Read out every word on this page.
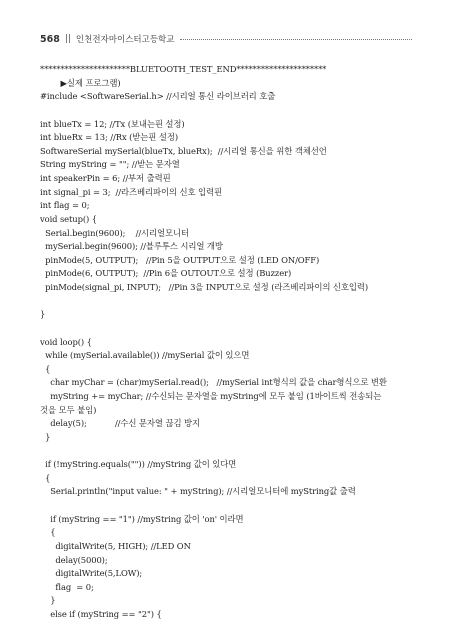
568 || 인천전자마이스터고등학교
**********************BLUETOOTH_TEST_END**********************
▶실제 프로그램)
#include <SoftwareSerial.h> //시리얼 통신 라이브러리 호출
int blueTx = 12; //Tx (보내는핀 설정)
int blueRx = 13; //Rx (받는핀 설정)
SoftwareSerial mySerial(blueTx, blueRx);  //시리얼 통신을 위한 객체선언
String myString = ""; //받는 문자열
int speakerPin = 6; //부저 출력핀
int signal_pi = 3;  //라즈베리파이의 신호 입력핀
int flag = 0;
void setup() {
Serial.begin(9600);    //시리얼모니터
mySerial.begin(9600); //블루투스 시리얼 개방
pinMode(5, OUTPUT);   //Pin 5을 OUTPUT으로 설정 (LED ON/OFF)
pinMode(6, OUTPUT);  //Pin 6을 OUTOUT으로 설정 (Buzzer)
pinMode(signal_pi, INPUT);   //Pin 3을 INPUT으로 설정 (라즈베리파이의 신호입력)
}
void loop() {
while (mySerial.available()) //mySerial 값이 있으면
{
char myChar = (char)mySerial.read();   //mySerial int형식의 값을 char형식으로 변환
myString += myChar; //수신되는 문자열을 myString에 모두 붙임 (1바이트씩 전송되는
것을 모두 붙임)
delay(5);           //수신 문자열 끊김 방지
}
if (!myString.equals("")) //myString 값이 있다면
{
Serial.println("input value: " + myString); //시리얼모니터에 myString값 출력
if (myString == "1") //myString 값이 'on' 이라면
{
digitalWrite(5, HIGH); //LED ON
delay(5000);
digitalWrite(5,LOW);
flag  = 0;
}
else if (myString == "2") {
